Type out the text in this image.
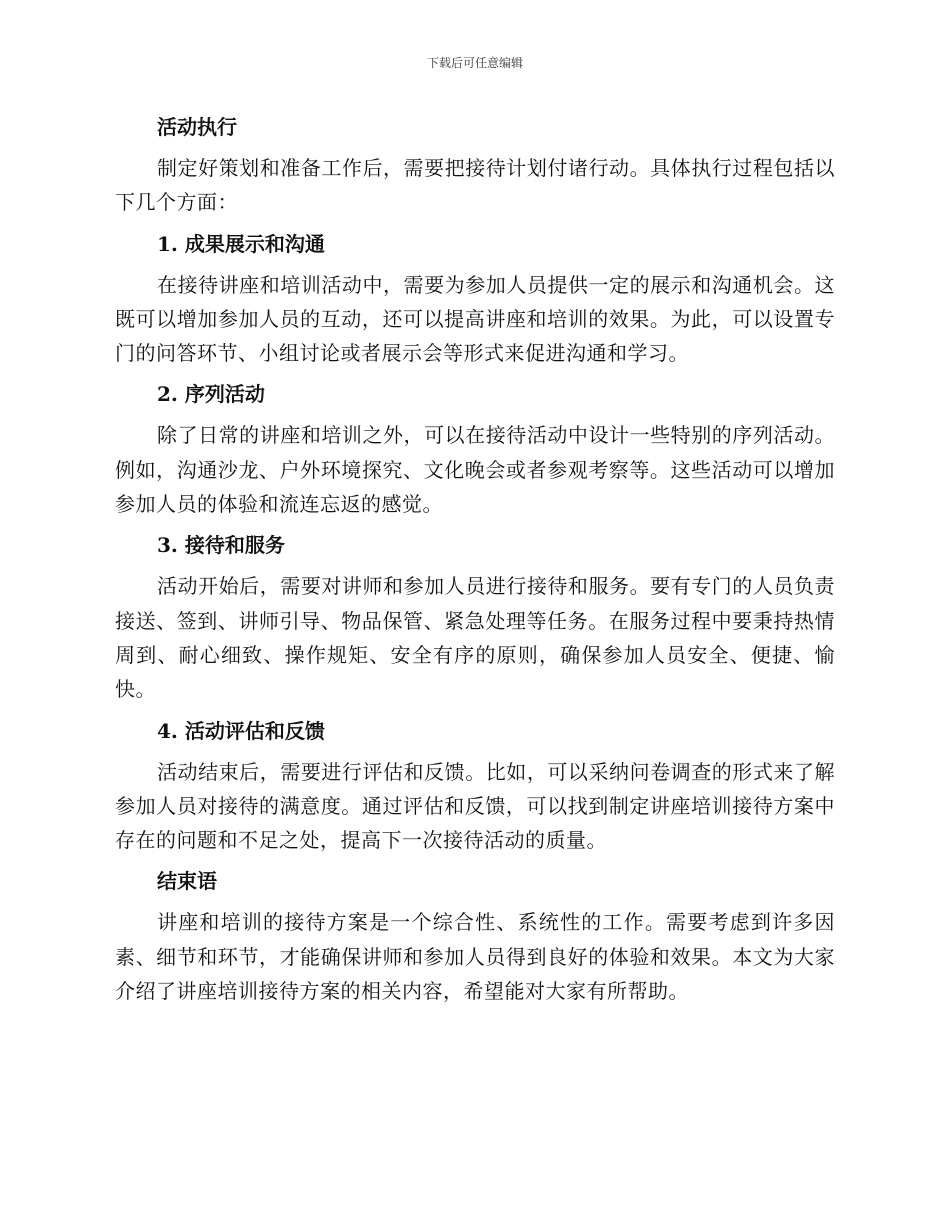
下载后可任意编辑
活动执行

制定好策划和准备工作后，需要把接待计划付诸行动。具体执行过程包括以下几个方面：

1. 成果展示和沟通

在接待讲座和培训活动中，需要为参加人员提供一定的展示和沟通机会。这既可以增加参加人员的互动，还可以提高讲座和培训的效果。为此，可以设置专门的问答环节、小组讨论或者展示会等形式来促进沟通和学习。

2. 序列活动

除了日常的讲座和培训之外，可以在接待活动中设计一些特别的序列活动。例如，沟通沙龙、户外环境探究、文化晚会或者参观考察等。这些活动可以增加参加人员的体验和流连忘返的感觉。

3. 接待和服务

活动开始后，需要对讲师和参加人员进行接待和服务。要有专门的人员负责接送、签到、讲师引导、物品保管、紧急处理等任务。在服务过程中要秉持热情周到、耐心细致、操作规矩、安全有序的原则，确保参加人员安全、便捷、愉快。

4. 活动评估和反馈

活动结束后，需要进行评估和反馈。比如，可以采纳问卷调查的形式来了解参加人员对接待的满意度。通过评估和反馈，可以找到制定讲座培训接待方案中存在的问题和不足之处，提高下一次接待活动的质量。

结束语

讲座和培训的接待方案是一个综合性、系统性的工作。需要考虑到许多因素、细节和环节，才能确保讲师和参加人员得到良好的体验和效果。本文为大家介绍了讲座培训接待方案的相关内容，希望能对大家有所帮助。
